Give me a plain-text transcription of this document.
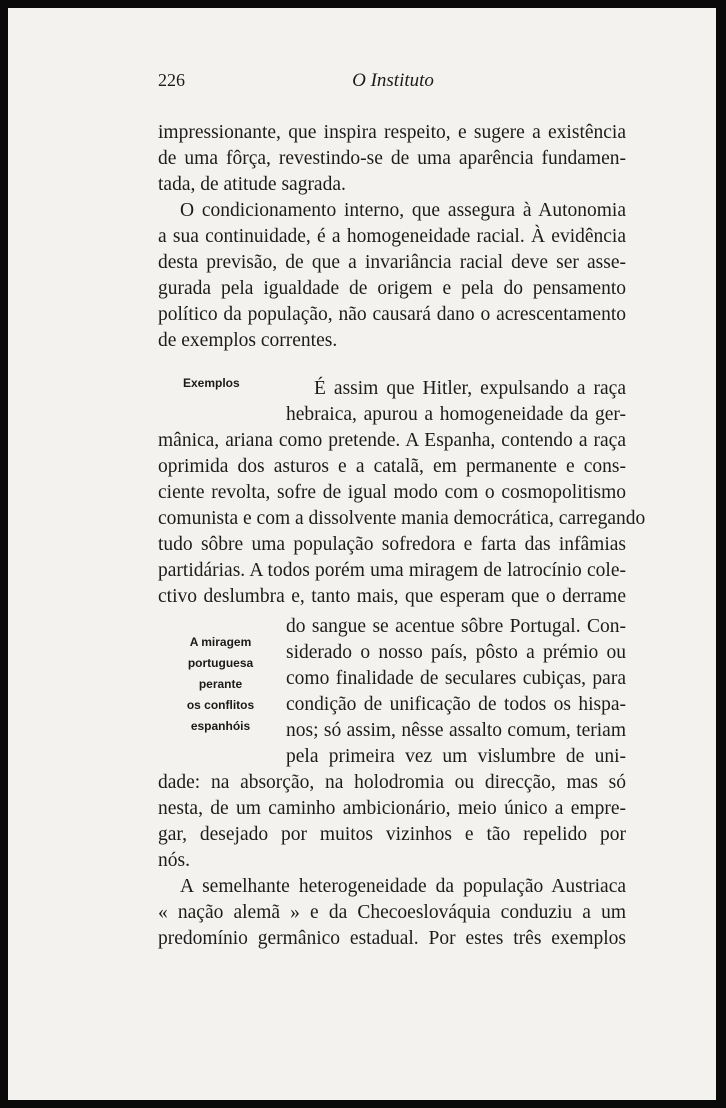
226	O Instituto
impressionante, que inspira respeito, e sugere a existência
de uma fôrça, revestindo-se de uma aparência fundamen-
tada, de atitude sagrada.
O condicionamento interno, que assegura à Autonomia
a sua continuidade, é a homogeneidade racial. À evidência
desta previsão, de que a invariância racial deve ser asse-
gurada pela igualdade de origem e pela do pensamento
político da população, não causará dano o acrescentamento
de exemplos correntes.
Exemplos	É assim que Hitler, expulsando a raça
hebraica, apurou a homogeneidade da ger-
mânica, ariana como pretende. A Espanha, contendo a raça
oprimida dos asturos e a catalã, em permanente e cons-
ciente revolta, sofre de igual modo com o cosmopolitismo
comunista e com a dissolvente mania democrática, carregando
tudo sôbre uma população sofredora e farta das infâmias
partidárias. A todos porém uma miragem de latrocínio cole-
ctivo deslumbra e, tanto mais, que esperam que o derrame
A miragem
portuguesa
perante
os conflitos
espanhóis
do sangue se acentue sôbre Portugal. Con-
siderado o nosso país, pôsto a prémio ou
como finalidade de seculares cubiças, para
condição de unificação de todos os hispa-
nos; só assim, nêsse assalto comum, teriam
pela primeira vez um vislumbre de uni-
dade: na absorção, na holodromia ou direcção, mas só
nesta, de um caminho ambicionário, meio único a empre-
gar, desejado por muitos vizinhos e tão repelido por
nós.
A semelhante heterogeneidade da população Austriaca
« nação alemã » e da Checoeslováquia conduziu a um
predomínio germânico estadual. Por estes três exemplos
